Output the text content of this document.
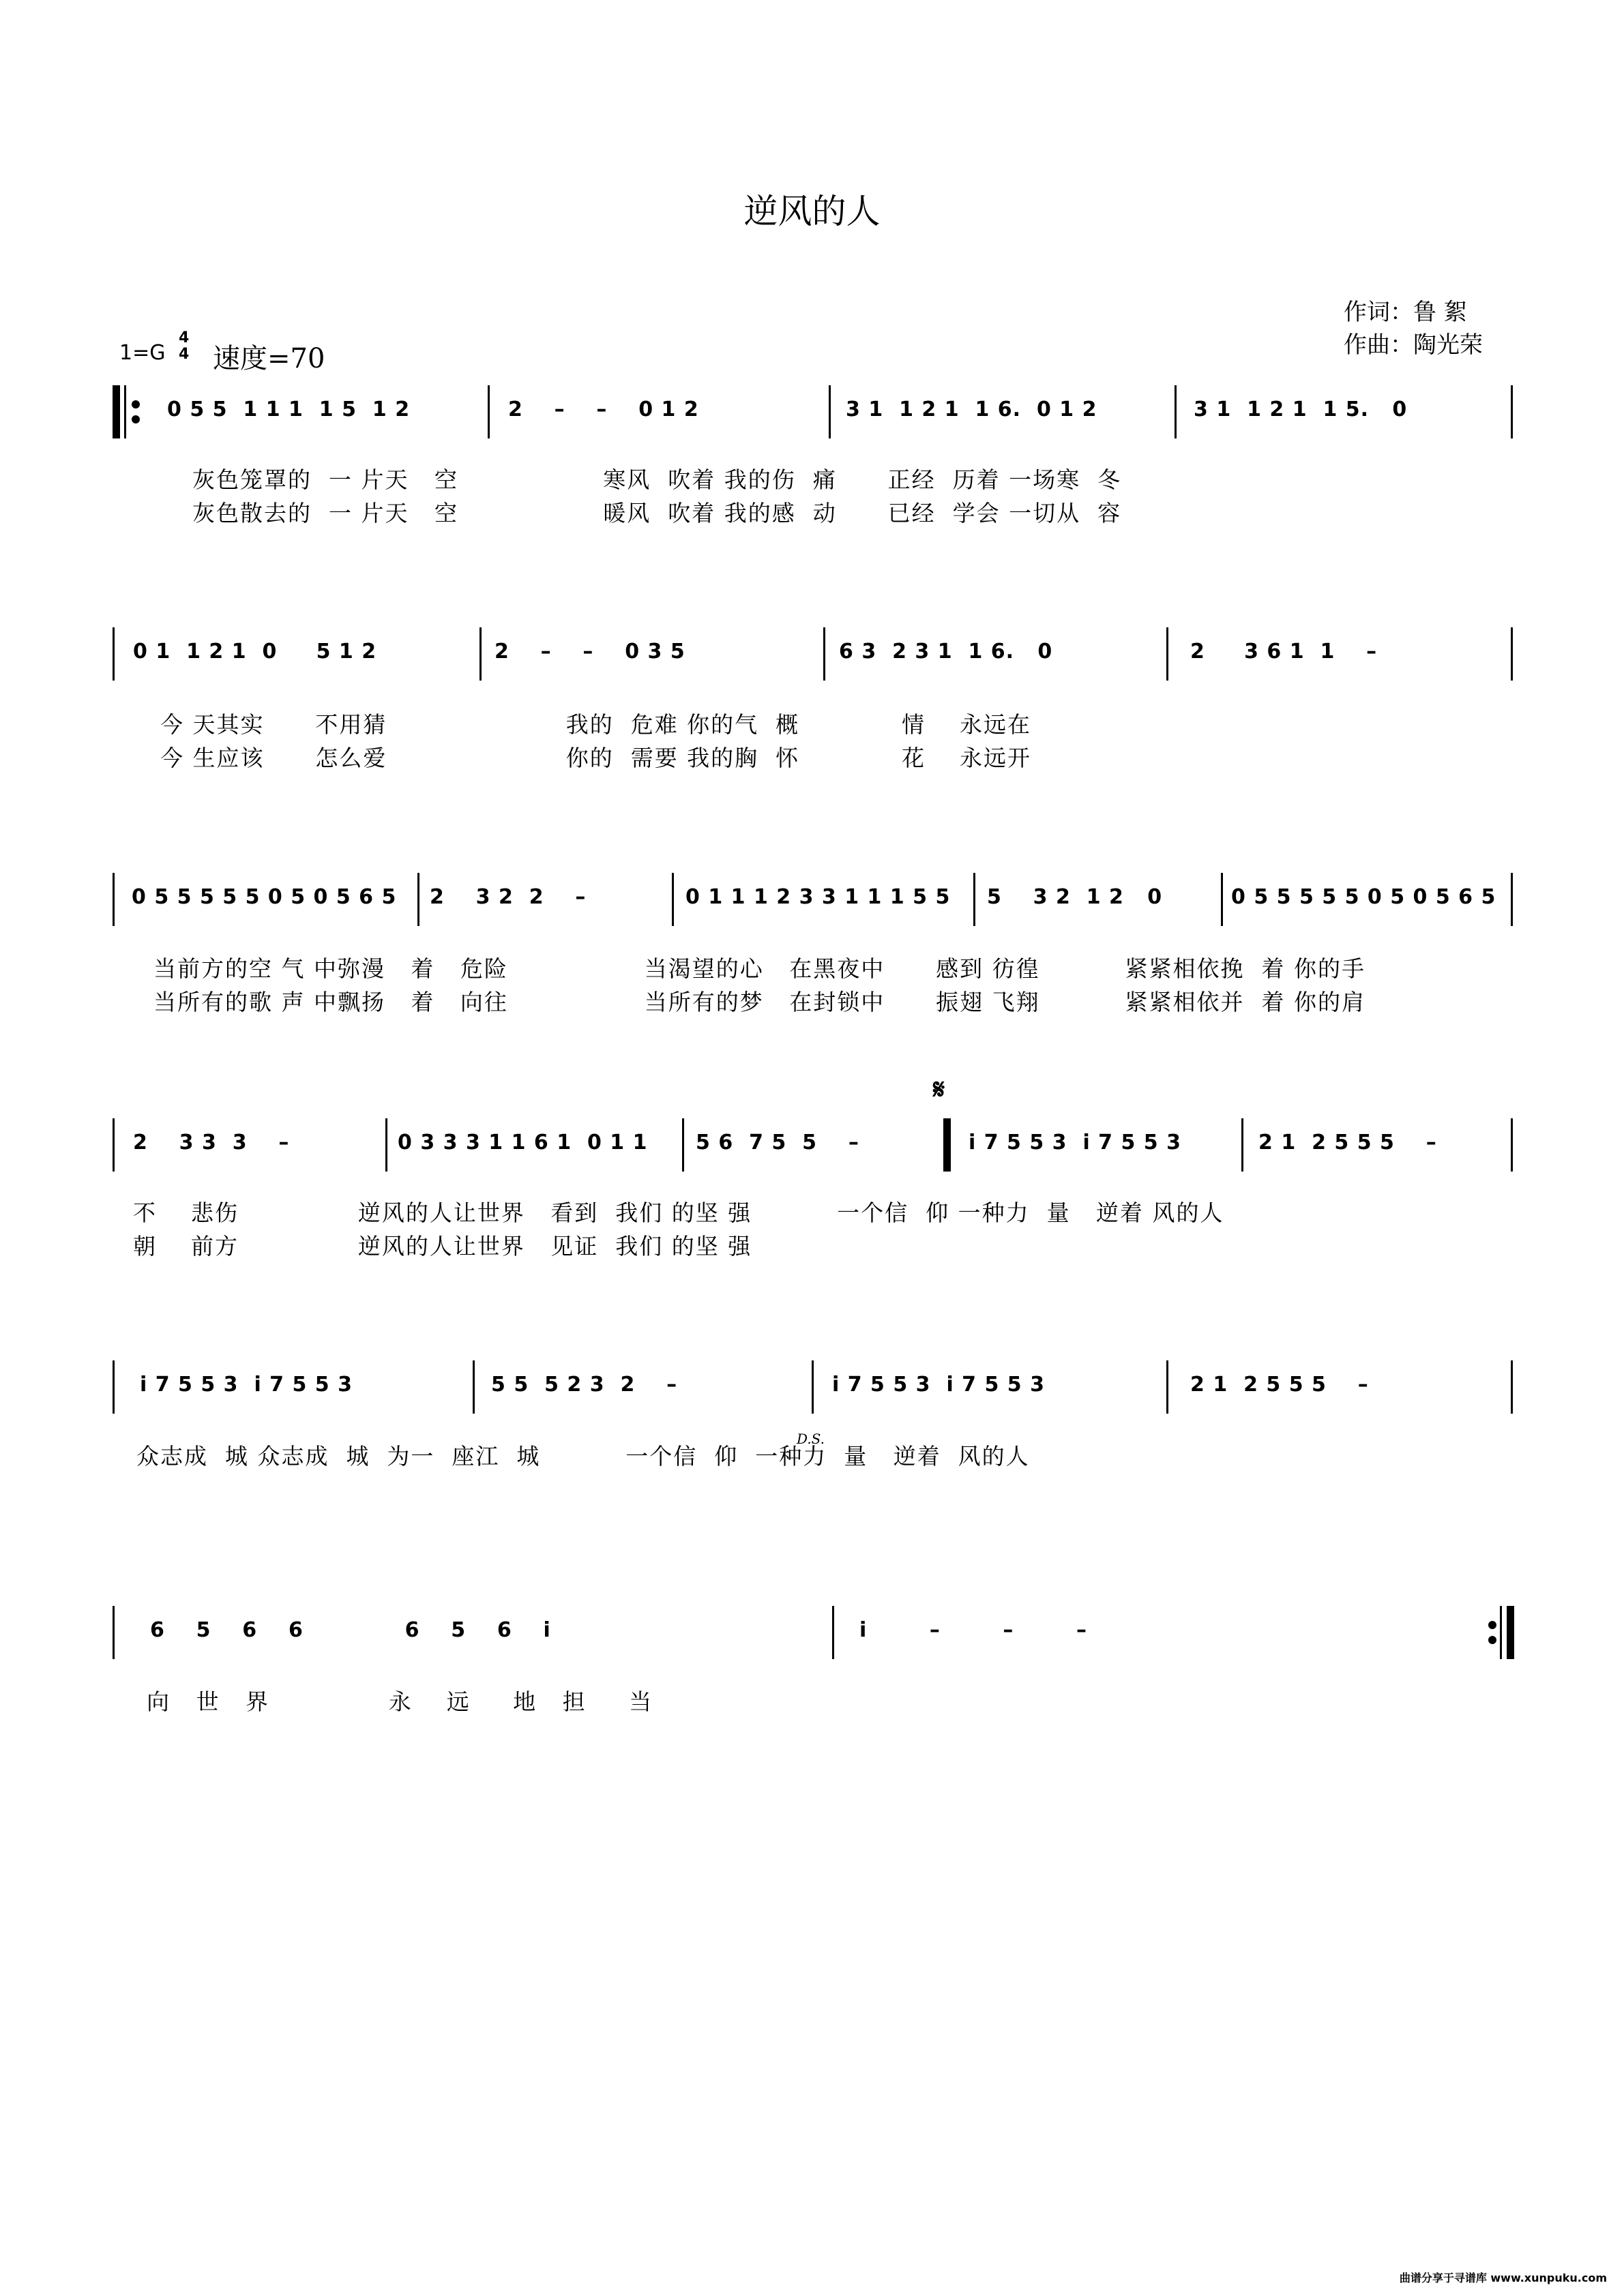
逆风的人
作词：鲁 絮
作曲：陶光荣
1=G
4
4 速度=70
0 5 5  1 1 1  1 5  1 2	2    –    –    0 1 2	3 1  1 2 1  1 6.  0 1 2	3 1  1 2 1  1 5.   0
灰色笼罩的  一 片天   空                 寒风  吹着 我的伤  痛      正经  历着 一场寒  冬
灰色散去的  一 片天   空                 暖风  吹着 我的感  动      已经  学会 一切从  容
0 1  1 2 1  0     5 1 2	2    –    –    0 3 5	6 3  2 3 1  1 6.   0	2     3 6 1  1    –
今 天其实      不用猜                     我的  危难 你的气  概            情    永远在
今 生应该      怎么爱                     你的  需要 我的胸  怀            花    永远开
0 5 5 5 5 5 0 5 0 5 6 5 2    3 2  2    –	0 1 1 1 2 3 3 1 1 1 5 5 5    3 2  1 2   0	0 5 5 5 5 5 0 5 0 5 6 5
当前方的空 气 中弥漫   着   危险                当渴望的心   在黑夜中      感到 彷徨          紧紧相依挽  着 你的手
当所有的歌 声 中飘扬   着   向往                当所有的梦   在封锁中      振翅 飞翔          紧紧相依并  着 你的肩
𝄋
2    3 3  3    –	0 3 3 3 1 1 6 1  0 1 1 5 6  7 5  5    –	i 7 5 5 3  i 7 5 5 3	2 1  2 5 5 5    –
不    悲伤              逆风的人让世界   看到  我们 的坚 强          一个信  仰 一种力  量   逆着 风的人
朝    前方              逆风的人让世界   见证  我们 的坚 强
i 7 5 5 3  i 7 5 5 3	5 5  5 2 3  2    –	i 7 5 5 3  i 7 5 5 3	2 1  2 5 5 5    –
D.S.
众志成  城 众志成  城  为一  座江  城          一个信  仰  一种力  量   逆着  风的人
6    5    6    6             6    5    6    i	i        –        –        –
向   世   界              永    远     地   担     当
曲谱分享于寻谱库 www.xunpuku.com
